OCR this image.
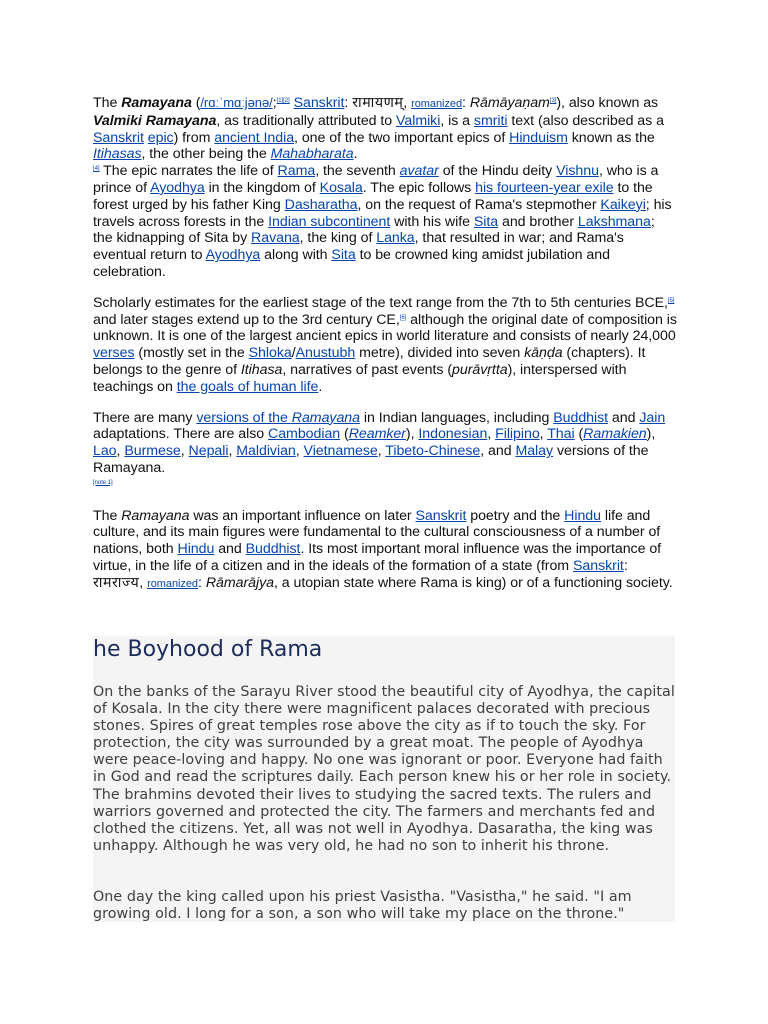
The Ramayana (/rɑːˈmɑːjənə/;[1][2] Sanskrit: रामायणम्, romanized: Rāmāyaṇam[3]), also known as Valmiki Ramayana, as traditionally attributed to Valmiki, is a smriti text (also described as a Sanskrit epic) from ancient India, one of the two important epics of Hinduism known as the Itihasas, the other being the Mahabharata.
[4] The epic narrates the life of Rama, the seventh avatar of the Hindu deity Vishnu, who is a prince of Ayodhya in the kingdom of Kosala. The epic follows his fourteen-year exile to the forest urged by his father King Dasharatha, on the request of Rama's stepmother Kaikeyi; his travels across forests in the Indian subcontinent with his wife Sita and brother Lakshmana; the kidnapping of Sita by Ravana, the king of Lanka, that resulted in war; and Rama's eventual return to Ayodhya along with Sita to be crowned king amidst jubilation and celebration.

Scholarly estimates for the earliest stage of the text range from the 7th to 5th centuries BCE,[5] and later stages extend up to the 3rd century CE,[6] although the original date of composition is unknown. It is one of the largest ancient epics in world literature and consists of nearly 24,000 verses (mostly set in the Shloka/Anustubh metre), divided into seven kāṇḍa (chapters). It belongs to the genre of Itihasa, narratives of past events (purāvṛtta), interspersed with teachings on the goals of human life.

There are many versions of the Ramayana in Indian languages, including Buddhist and Jain adaptations. There are also Cambodian (Reamker), Indonesian, Filipino, Thai (Ramakien), Lao, Burmese, Nepali, Maldivian, Vietnamese, Tibeto-Chinese, and Malay versions of the Ramayana.
[note 1]

The Ramayana was an important influence on later Sanskrit poetry and the Hindu life and culture, and its main figures were fundamental to the cultural consciousness of a number of nations, both Hindu and Buddhist. Its most important moral influence was the importance of virtue, in the life of a citizen and in the ideals of the formation of a state (from Sanskrit: रामराज्य, romanized: Rāmarājya, a utopian state where Rama is king) or of a functioning society.

he Boyhood of Rama

On the banks of the Sarayu River stood the beautiful city of Ayodhya, the capital of Kosala. In the city there were magnificent palaces decorated with precious stones. Spires of great temples rose above the city as if to touch the sky. For protection, the city was surrounded by a great moat. The people of Ayodhya were peace-loving and happy. No one was ignorant or poor. Everyone had faith in God and read the scriptures daily. Each person knew his or her role in society. The brahmins devoted their lives to studying the sacred texts. The rulers and warriors governed and protected the city. The farmers and merchants fed and clothed the citizens. Yet, all was not well in Ayodhya. Dasaratha, the king was unhappy. Although he was very old, he had no son to inherit his throne.

One day the king called upon his priest Vasistha. "Vasistha," he said. "I am growing old. I long for a son, a son who will take my place on the throne."
